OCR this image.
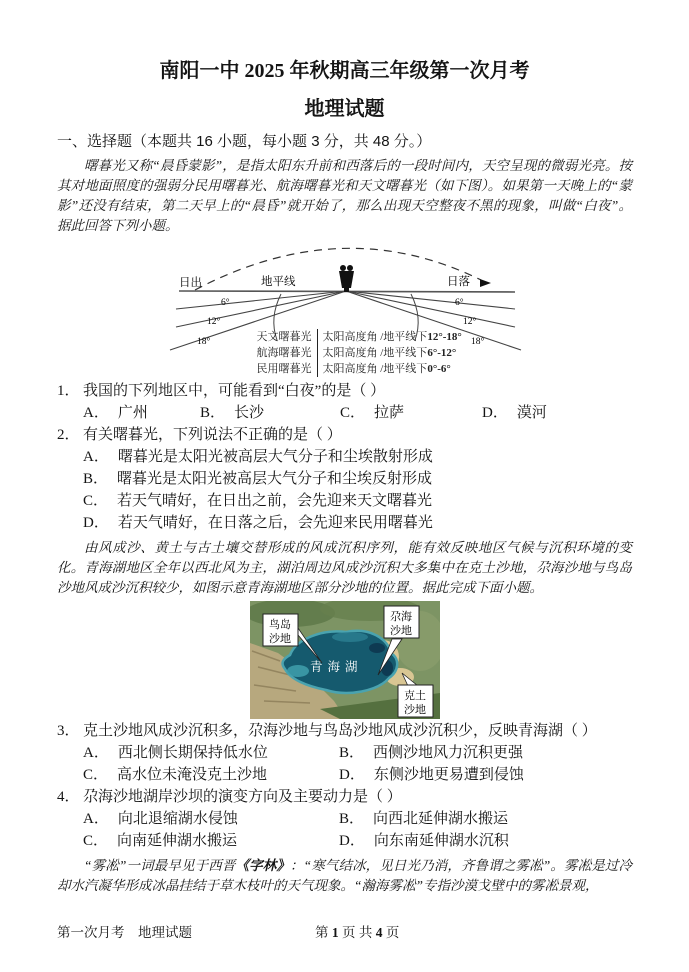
南阳一中 2025 年秋期高三年级第一次月考
地理试题
一、选择题（本题共 16 小题，每小题 3 分，共 48 分。）

曙暮光又称“晨昏蒙影”，是指太阳东升前和西落后的一段时间内，天空呈现的微弱光亮。按其对地面照度的强弱分民用曙暮光、航海曙暮光和天文曙暮光（如下图）。如果第一天晚上的“蒙影”还没有结束，第二天早上的“晨昏”就开始了，那么出现天空整夜不黑的现象，叫做“白夜”。据此回答下列小题。

日出	地平线	日落
6°
12°
18°
6°
12°
18°
天文曙暮光	太阳高度角 /地平线下12°-18°
航海曙暮光	太阳高度角 /地平线下6°-12°
民用曙暮光	太阳高度角 /地平线下0°-6°
1． 我国的下列地区中，可能看到“白夜”的是（ ）
A． 广州	B． 长沙	C． 拉萨	D． 漠河
2． 有关曙暮光，下列说法不正确的是（ ）
A． 曙暮光是太阳光被高层大气分子和尘埃散射形成
B． 曙暮光是太阳光被高层大气分子和尘埃反射形成
C． 若天气晴好，在日出之前，会先迎来天文曙暮光
D． 若天气晴好，在日落之后，会先迎来民用曙暮光

由风成沙、黄土与古土壤交替形成的风成沉积序列，能有效反映地区气候与沉积环境的变化。青海湖地区全年以西北风为主，湖泊周边风成沙沉积大多集中在克土沙地，尕海沙地与鸟岛沙地风成沙沉积较少，如图示意青海湖地区部分沙地的位置。据此完成下面小题。

青海湖
鸟岛
沙地
尕海
沙地
克土
沙地
3． 克土沙地风成沙沉积多，尕海沙地与鸟岛沙地风成沙沉积少，反映青海湖（ ）
A． 西北侧长期保持低水位	B． 西侧沙地风力沉积更强
C． 高水位未淹没克土沙地	D． 东侧沙地更易遭到侵蚀
4． 尕海沙地湖岸沙坝的演变方向及主要动力是（ ）
A． 向北退缩湖水侵蚀	B． 向西北延伸湖水搬运
C． 向南延伸湖水搬运	D． 向东南延伸湖水沉积

“雾凇”一词最早见于西晋《字林》：“寒气结冰，见日光乃消，齐鲁谓之雾凇”。雾凇是过冷却水汽凝华形成冰晶挂结于草木枝叶的天气现象。“瀚海雾凇”专指沙漠戈壁中的雾凇景观，

第一次月考　地理试题	第 1 页 共 4 页
